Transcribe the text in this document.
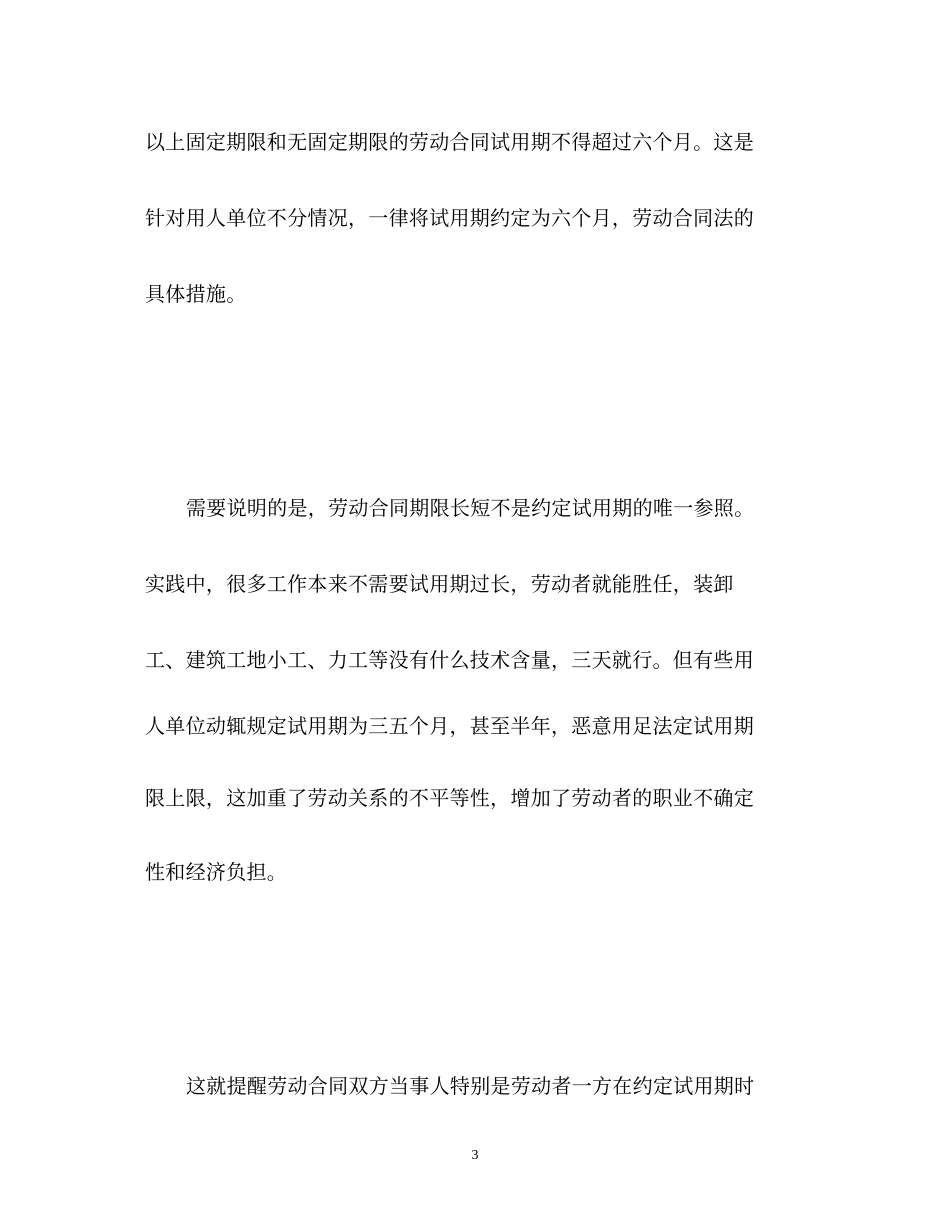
以上固定期限和无固定期限的劳动合同试用期不得超过六个月。这是
针对用人单位不分情况，一律将试用期约定为六个月，劳动合同法的
具体措施。
需要说明的是，劳动合同期限长短不是约定试用期的唯一参照。
实践中，很多工作本来不需要试用期过长，劳动者就能胜任，装卸
工、建筑工地小工、力工等没有什么技术含量，三天就行。但有些用
人单位动辄规定试用期为三五个月，甚至半年，恶意用足法定试用期
限上限，这加重了劳动关系的不平等性，增加了劳动者的职业不确定
性和经济负担。
这就提醒劳动合同双方当事人特别是劳动者一方在约定试用期时
3
